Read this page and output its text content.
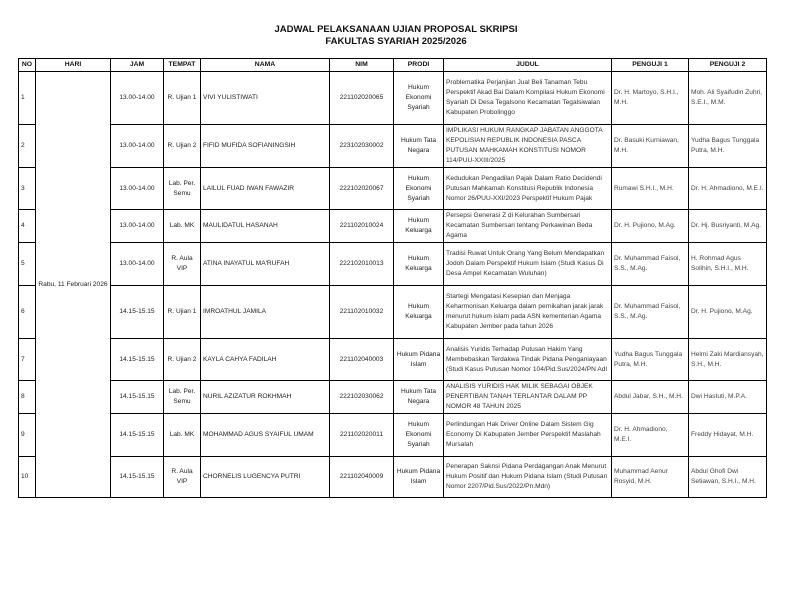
JADWAL PELAKSANAAN UJIAN PROPOSAL SKRIPSI
FAKULTAS SYARIAH 2025/2026
NO	HARI	JAM	TEMPAT	NAMA	NIM	PRODI	JUDUL	PENGUJI 1	PENGUJI 2
1	Rabu, 11 Februari 2026	13.00-14.00	R. Ujian 1	VIVI YULISTIWATI	221102020065	Hukum Ekonomi Syariah	Problematika Perjanjian Jual Beli Tanaman Tebu Perspektif Akad Bai Dalam Kompilasi Hukum Ekonomi Syariah Di Desa Tegalsono Kecamatan Tegalsiwalan Kabupaten Probolinggo	Dr. H. Martoyo, S.H.I., M.H.	Moh. Ali Syaifudin Zuhri, S.E.I., M.M.
2		13.00-14.00	R. Ujian 2	FIFID MUFIDA SOFIANINGSIH	223102030002	Hukum Tata Negara	IMPLIKASI HUKUM RANGKAP JABATAN ANGGOTA KEPOLISIAN REPUBLIK INDONESIA PASCA PUTUSAN MAHKAMAH KONSTITUSI NOMOR 114/PUU-XXIII/2025	Dr. Basuki Kurniawan, M.H.	Yudha Bagus Tunggala Putra, M.H.
3		13.00-14.00	Lab. Per. Semu	LAILUL FUAD IWAN FAWAZIR	222102020067	Hukum Ekonomi Syariah	Kedudukan Pengadilan Pajak Dalam Ratio Decidendi Putusan Mahkamah Konstitusi Republik Indonesia Nomor 26/PUU-XXI/2023 Perspektif Hukum Pajak	Rumawi S.H.I., M.H.	Dr. H. Ahmadiono, M.E.I.
4		13.00-14.00	Lab. MK	MAULIDATUL HASANAH	221102010024	Hukum Keluarga	Persepsi Generasi Z di Kelurahan Sumbersari Kecamatan Sumbersari tentang Perkawinan Beda Agama	Dr. H. Pujiono, M.Ag.	Dr. Hj. Busriyanti, M.Ag.
5		13.00-14.00	R. Aula VIP	ATINA INAYATUL MA'RUFAH	222102010013	Hukum Keluarga	Tradisi Ruwat Untuk Orang Yang Belum Mendapatkan Jodoh Dalam Perspektif Hukum Islam (Studi Kasus Di Desa Ampel Kecamatan Wuluhan)	Dr. Muhammad Faisol, S.S., M.Ag.	H. Rohmad Agus Solihin, S.H.I., M.H.
6		14.15-15.15	R. Ujian 1	IMROATHUL JAMILA	221102010032	Hukum Keluarga	Startegi Mengatasi Kesepian dan Menjaga Keharmonisan Keluarga dalam pernikahan jarak jarak menurut hukum islam pada ASN kementerian Agama Kabupaten Jember pada tahun 2026	Dr. Muhammad Faisol, S.S., M.Ag.	Dr. H. Pujiono, M.Ag.
7		14.15-15.15	R. Ujian 2	KAYLA CAHYA FADILAH	221102040003	Hukum Pidana Islam	Analisis Yuridis Terhadap Putusan Hakim Yang Membebaskan Terdakwa Tindak Pidana Penganiayaan (Studi Kasus Putusan Nomor 104/Pid.Sus/2024/PN Adl	Yudha Bagus Tunggala Putra, M.H.	Helmi Zaki Mardiansyah, S.H., M.H.
8		14.15-15.15	Lab. Per. Semu	NURIL AZIZATUR ROKHMAH	222102030062	Hukum Tata Negara	ANALISIS YURIDIS HAK MILIK SEBAGAI OBJEK PENERTIBAN TANAH TERLANTAR DALAM PP NOMOR 48 TAHUN 2025	Abdul Jabar, S.H., M.H.	Dwi Hastuti, M.P.A.
9		14.15-15.15	Lab. MK	MOHAMMAD AGUS SYAIFUL UMAM	221102020011	Hukum Ekonomi Syariah	Perlindungan Hak Driver Online Dalam Sistem Gig Economy Di Kabupaten Jember Perspektif Maslahah Mursalah	Dr. H. Ahmadiono, M.E.I.	Freddy Hidayat, M.H.
10		14.15-15.15	R. Aula VIP	CHORNELIS LUGENCYA PUTRI	221102040009	Hukum Pidana Islam	Penerapan Saknsi Pidana Perdagangan Anak Menurut Hukum Positif dan Hukum Pidana Islam (Studi Putusan Nomor 2207/Pid.Sus/2022/Pn.Mdn)	Muhammad Aenur Rosyid, M.H.	Abdul Ghofi Dwi Setiawan, S.H.I., M.H.
